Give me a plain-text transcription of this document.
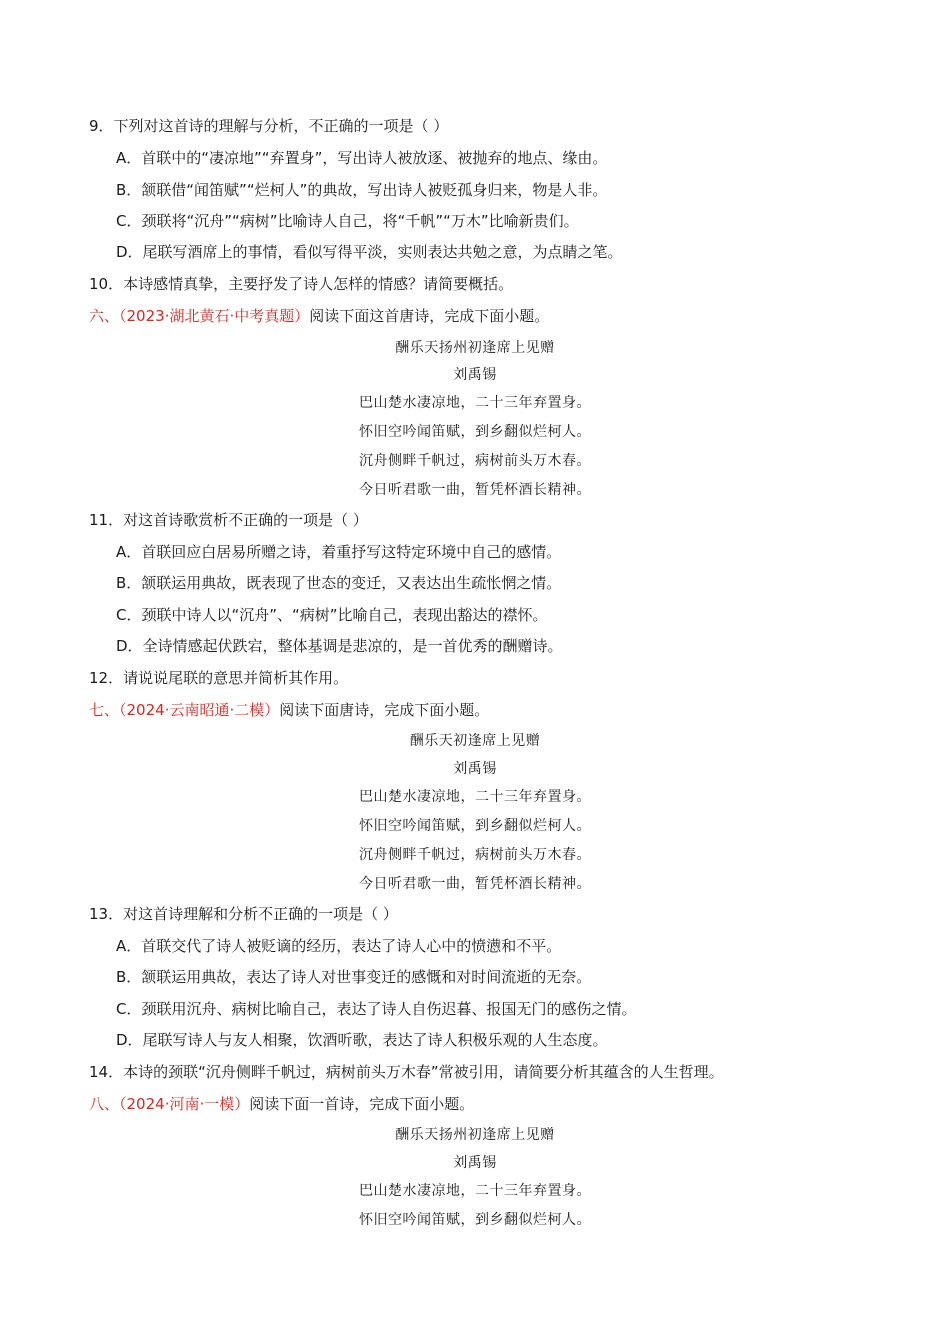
9．下列对这首诗的理解与分析，不正确的一项是（ ）
A．首联中的“凄凉地”“弃置身”，写出诗人被放逐、被抛弃的地点、缘由。
B．颔联借“闻笛赋”“烂柯人”的典故，写出诗人被贬孤身归来，物是人非。
C．颈联将“沉舟”“病树”比喻诗人自己，将“千帆”“万木”比喻新贵们。
D．尾联写酒席上的事情，看似写得平淡，实则表达共勉之意，为点睛之笔。
10．本诗感情真挚，主要抒发了诗人怎样的情感？请简要概括。
六、（2023·湖北黄石·中考真题）阅读下面这首唐诗，完成下面小题。
酬乐天扬州初逢席上见赠
刘禹锡
巴山楚水凄凉地，二十三年弃置身。
怀旧空吟闻笛赋，到乡翻似烂柯人。
沉舟侧畔千帆过，病树前头万木春。
今日听君歌一曲，暂凭杯酒长精神。
11．对这首诗歌赏析不正确的一项是（ ）
A．首联回应白居易所赠之诗，着重抒写这特定环境中自己的感情。
B．颔联运用典故，既表现了世态的变迁，又表达出生疏怅惘之情。
C．颈联中诗人以“沉舟”、“病树”比喻自己，表现出豁达的襟怀。
D．全诗情感起伏跌宕，整体基调是悲凉的，是一首优秀的酬赠诗。
12．请说说尾联的意思并简析其作用。
七、（2024·云南昭通·二模）阅读下面唐诗，完成下面小题。
酬乐天初逢席上见赠
刘禹锡
巴山楚水凄凉地，二十三年弃置身。
怀旧空吟闻笛赋，到乡翻似烂柯人。
沉舟侧畔千帆过，病树前头万木春。
今日听君歌一曲，暂凭杯酒长精神。
13．对这首诗理解和分析不正确的一项是（ ）
A．首联交代了诗人被贬谪的经历，表达了诗人心中的愤懑和不平。
B．颔联运用典故，表达了诗人对世事变迁的感慨和对时间流逝的无奈。
C．颈联用沉舟、病树比喻自己，表达了诗人自伤迟暮、报国无门的感伤之情。
D．尾联写诗人与友人相聚，饮酒听歌，表达了诗人积极乐观的人生态度。
14．本诗的颈联“沉舟侧畔千帆过，病树前头万木春”常被引用，请简要分析其蕴含的人生哲理。
八、（2024·河南·一模）阅读下面一首诗，完成下面小题。
酬乐天扬州初逢席上见赠
刘禹锡
巴山楚水凄凉地，二十三年弃置身。
怀旧空吟闻笛赋，到乡翻似烂柯人。
